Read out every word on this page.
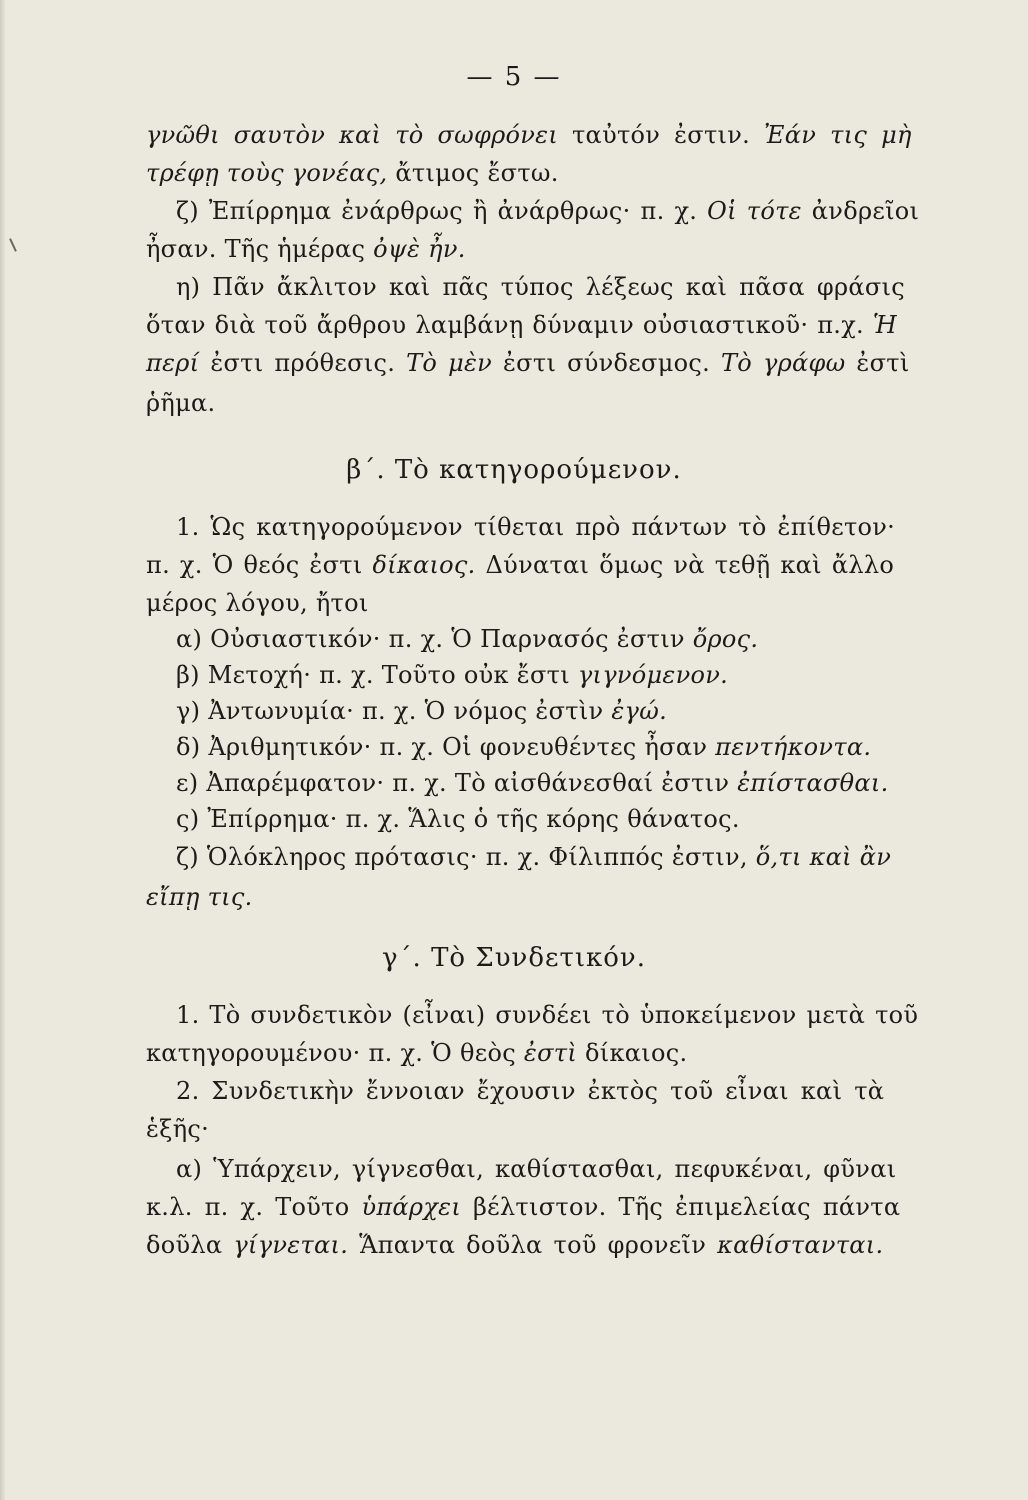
— 5 —
γνῶθι σαυτὸν καὶ τὸ σωφρόνει ταὐτόν ἐστιν. Ἐάν τις μὴ
τρέφῃ τοὺς γονέας, ἄτιμος ἔστω.
ζ) Ἐπίρρημα ἐνάρθρως ἢ ἀνάρθρως· π. χ. Οἱ τότε ἀνδρεῖοι
ἦσαν. Τῆς ἡμέρας ὀψὲ ἦν.
η) Πᾶν ἄκλιτον καὶ πᾶς τύπος λέξεως καὶ πᾶσα φράσις
ὅταν διὰ τοῦ ἄρθρου λαμβάνῃ δύναμιν οὐσιαστικοῦ· π.χ. Ἡ
περί ἐστι πρόθεσις. Τὸ μὲν ἐστι σύνδεσμος. Τὸ γράφω ἐστὶ
ῥῆμα.
β΄. Τὸ κατηγορούμενον.
1. Ὡς κατηγορούμενον τίθεται πρὸ πάντων τὸ ἐπίθετον·
π. χ. Ὁ θεός ἐστι δίκαιος. Δύναται ὅμως νὰ τεθῇ καὶ ἄλλο
μέρος λόγου, ἤτοι
α) Οὐσιαστικόν· π. χ. Ὁ Παρνασός ἐστιν ὄρος.
β) Μετοχή· π. χ. Τοῦτο οὐκ ἔστι γιγνόμενον.
γ) Ἀντωνυμία· π. χ. Ὁ νόμος ἐστὶν ἐγώ.
δ) Ἀριθμητικόν· π. χ. Οἱ φονευθέντες ἦσαν πεντήκοντα.
ε) Ἀπαρέμφατον· π. χ. Τὸ αἰσθάνεσθαί ἐστιν ἐπίστασθαι.
ς) Ἐπίρρημα· π. χ. Ἅλις ὁ τῆς κόρης θάνατος.
ζ) Ὁλόκληρος πρότασις· π. χ. Φίλιππός ἐστιν, ὅ,τι καὶ ἂν
εἴπῃ τις.
γ΄. Τὸ Συνδετικόν.
1. Τὸ συνδετικὸν (εἶναι) συνδέει τὸ ὑποκείμενον μετὰ τοῦ
κατηγορουμένου· π. χ. Ὁ θεὸς ἐστὶ δίκαιος.
2. Συνδετικὴν ἔννοιαν ἔχουσιν ἐκτὸς τοῦ εἶναι καὶ τὰ
ἑξῆς·
α) Ὑπάρχειν, γίγνεσθαι, καθίστασθαι, πεφυκέναι, φῦναι
κ.λ. π. χ. Τοῦτο ὑπάρχει βέλτιστον. Τῆς ἐπιμελείας πάντα
δοῦλα γίγνεται. Ἅπαντα δοῦλα τοῦ φρονεῖν καθίστανται.
